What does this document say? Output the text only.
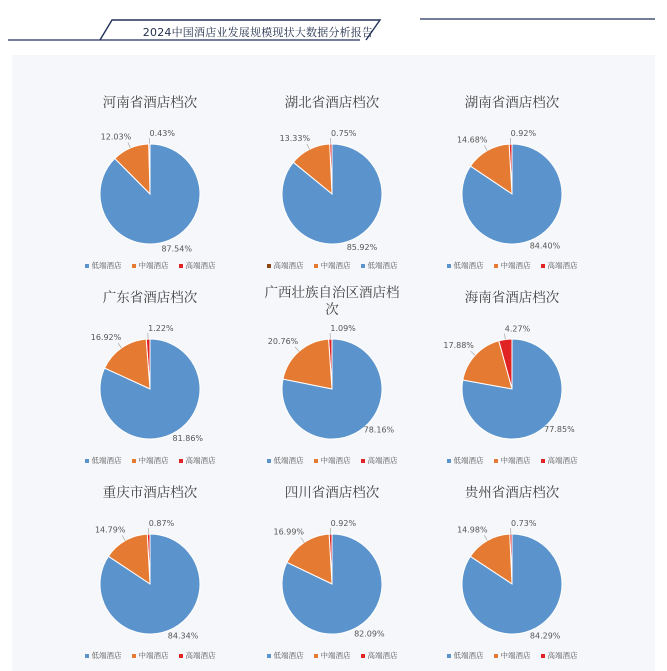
2024中国酒店业发展规模现状大数据分析报告
河南省酒店档次
0.43%
12.03%
87.54%
低端酒店 中端酒店 高端酒店
湖北省酒店档次
0.75%
13.33%
85.92%
高端酒店 中端酒店 低端酒店
湖南省酒店档次
0.92%
14.68%
84.40%
低端酒店 中端酒店 高端酒店
广东省酒店档次
1.22%
16.92%
81.86%
低端酒店 中端酒店 高端酒店
广西壮族自治区酒店档次
1.09%
20.76%
78.16%
低端酒店 中端酒店 高端酒店
海南省酒店档次
4.27%
17.88%
77.85%
低端酒店 中端酒店 高端酒店
重庆市酒店档次
0.87%
14.79%
84.34%
低端酒店 中端酒店 高端酒店
四川省酒店档次
0.92%
16.99%
82.09%
低端酒店 中端酒店 高端酒店
贵州省酒店档次
0.73%
14.98%
84.29%
低端酒店 中端酒店 高端酒店
